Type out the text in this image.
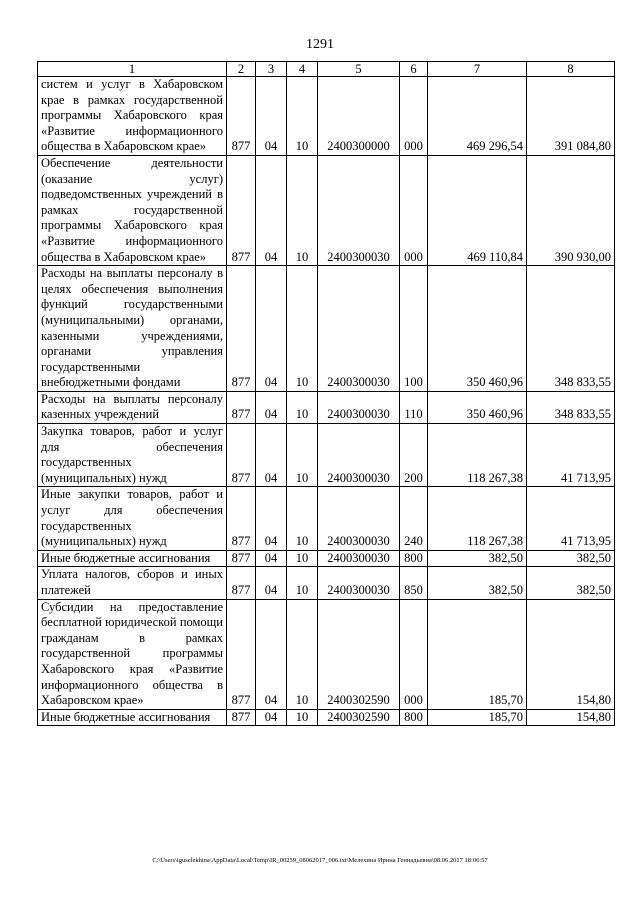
1291
1	2	3	4	5	6	7	8

систем и услуг в Хабаровском крае в рамках государственной программы Хабаровского края «Развитие информационного общества в Хабаровском крае»	877	04	10	2400300000	000	469 296,54	391 084,80

Обеспечение деятельности (оказание услуг) подведомственных учреждений в рамках государственной программы Хабаровского края «Развитие информационного общества в Хабаровском крае»	877	04	10	2400300030	000	469 110,84	390 930,00

Расходы на выплаты персоналу в целях обеспечения выполнения функций государственными (муниципальными) органами, казенными учреждениями, органами управления государственными внебюджетными фондами	877	04	10	2400300030	100	350 460,96	348 833,55

Расходы на выплаты персоналу казенных учреждений	877	04	10	2400300030	110	350 460,96	348 833,55

Закупка товаров, работ и услуг для обеспечения государственных (муниципальных) нужд	877	04	10	2400300030	200	118 267,38	41 713,95

Иные закупки товаров, работ и услуг для обеспечения государственных (муниципальных) нужд	877	04	10	2400300030	240	118 267,38	41 713,95

Иные бюджетные ассигнования	877	04	10	2400300030	800	382,50	382,50

Уплата налогов, сборов и иных платежей	877	04	10	2400300030	850	382,50	382,50

Субсидии на предоставление бесплатной юридической помощи гражданам в рамках государственной программы Хабаровского края «Развитие информационного общества в Хабаровском крае»	877	04	10	2400302590	000	185,70	154,80

Иные бюджетные ассигнования	877	04	10	2400302590	800	185,70	154,80
C:\Users\iguselekhina\AppData\Local\Temp\IR_00259_08062017_006.txt\Мелехина Ирина Геннадьевна\08.06.2017 18:06:57
